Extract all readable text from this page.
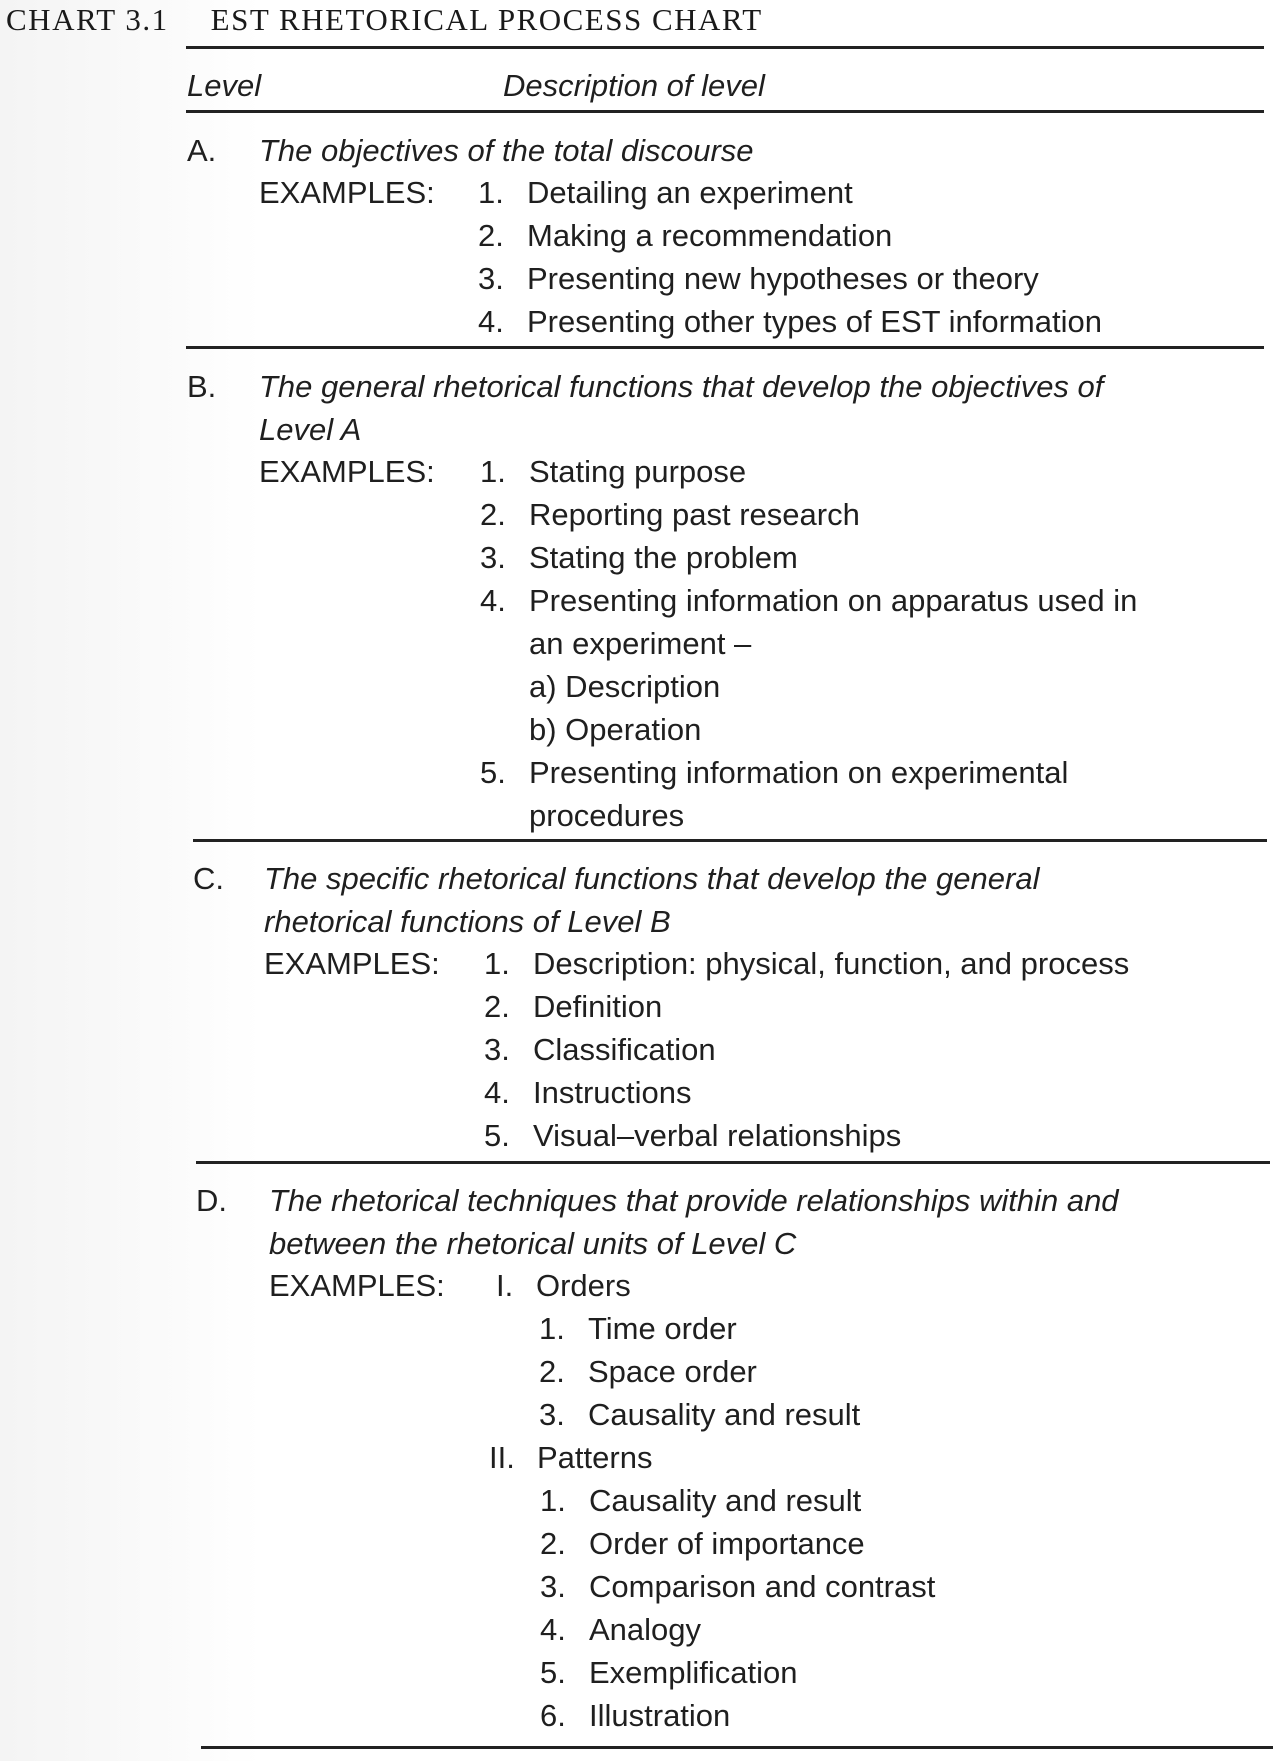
CHART 3.1 EST RHETORICAL PROCESS CHART
Level	Description of level
A. The objectives of the total discourse
EXAMPLES: 1. Detailing an experiment
2. Making a recommendation
3. Presenting new hypotheses or theory
4. Presenting other types of EST information
B. The general rhetorical functions that develop the objectives of
Level A
EXAMPLES: 1. Stating purpose
2. Reporting past research
3. Stating the problem
4. Presenting information on apparatus used in
an experiment –
a) Description
b) Operation
5. Presenting information on experimental
procedures
C. The specific rhetorical functions that develop the general
rhetorical functions of Level B
EXAMPLES: 1. Description: physical, function, and process
2. Definition
3. Classification
4. Instructions
5. Visual–verbal relationships
D. The rhetorical techniques that provide relationships within and
between the rhetorical units of Level C
EXAMPLES: I. Orders
1. Time order
2. Space order
3. Causality and result
II. Patterns
1. Causality and result
2. Order of importance
3. Comparison and contrast
4. Analogy
5. Exemplification
6. Illustration
